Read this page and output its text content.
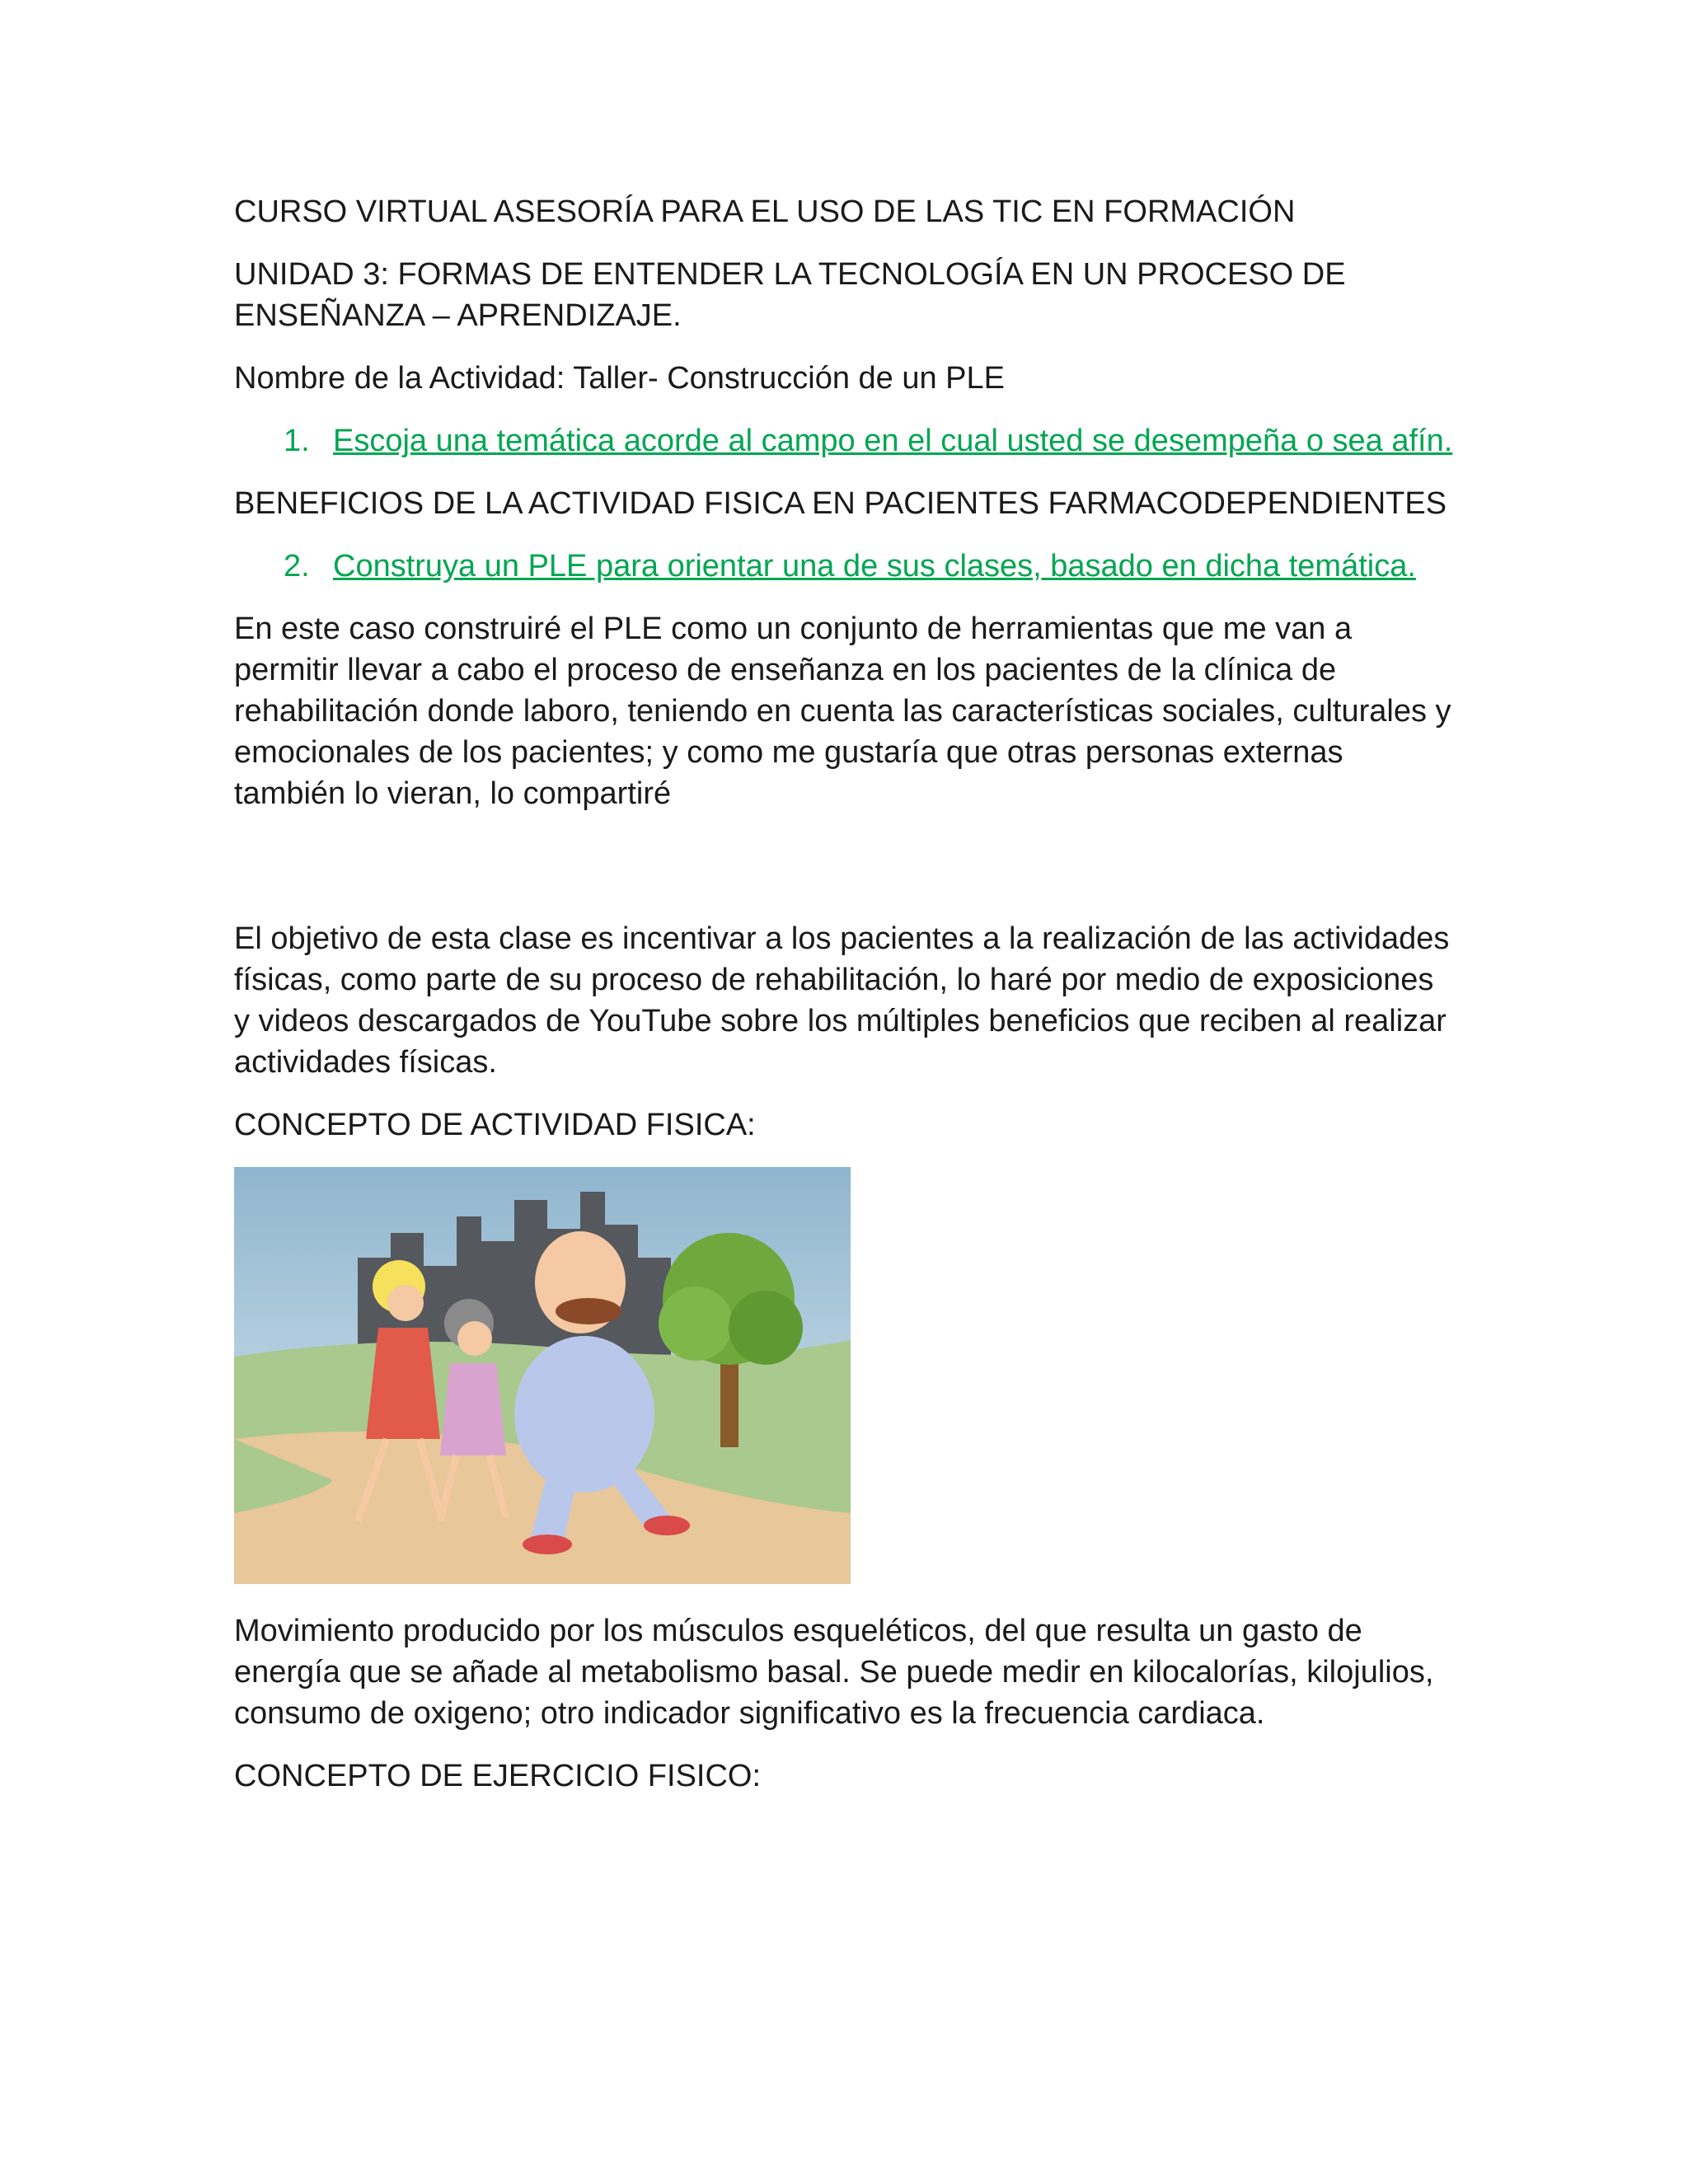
CURSO VIRTUAL ASESORÍA PARA EL USO DE LAS TIC EN FORMACIÓN

UNIDAD 3: FORMAS DE ENTENDER LA TECNOLOGÍA EN UN PROCESO DE ENSEÑANZA – APRENDIZAJE.

Nombre de la Actividad: Taller- Construcción de un PLE

1. Escoja una temática acorde al campo en el cual usted se desempeña o sea afín.

BENEFICIOS DE LA ACTIVIDAD FISICA EN PACIENTES FARMACODEPENDIENTES

2. Construya un PLE para orientar una de sus clases, basado en dicha temática.

En este caso construiré el PLE como un conjunto de herramientas que me van a permitir llevar a cabo el proceso de enseñanza en los pacientes de la clínica de rehabilitación donde laboro, teniendo en cuenta las características sociales, culturales y emocionales de los pacientes; y como me gustaría que otras personas externas también lo vieran, lo compartiré

El objetivo de esta clase es incentivar a los pacientes a la realización de las actividades físicas, como parte de su proceso de rehabilitación, lo haré por medio de exposiciones y videos descargados de YouTube sobre los múltiples beneficios que reciben al realizar actividades físicas.

CONCEPTO DE ACTIVIDAD FISICA:

Movimiento producido por los músculos esqueléticos, del que resulta un gasto de energía que se añade al metabolismo basal. Se puede medir en kilocalorías, kilojulios, consumo de oxigeno; otro indicador significativo es la frecuencia cardiaca.

CONCEPTO DE EJERCICIO FISICO:
